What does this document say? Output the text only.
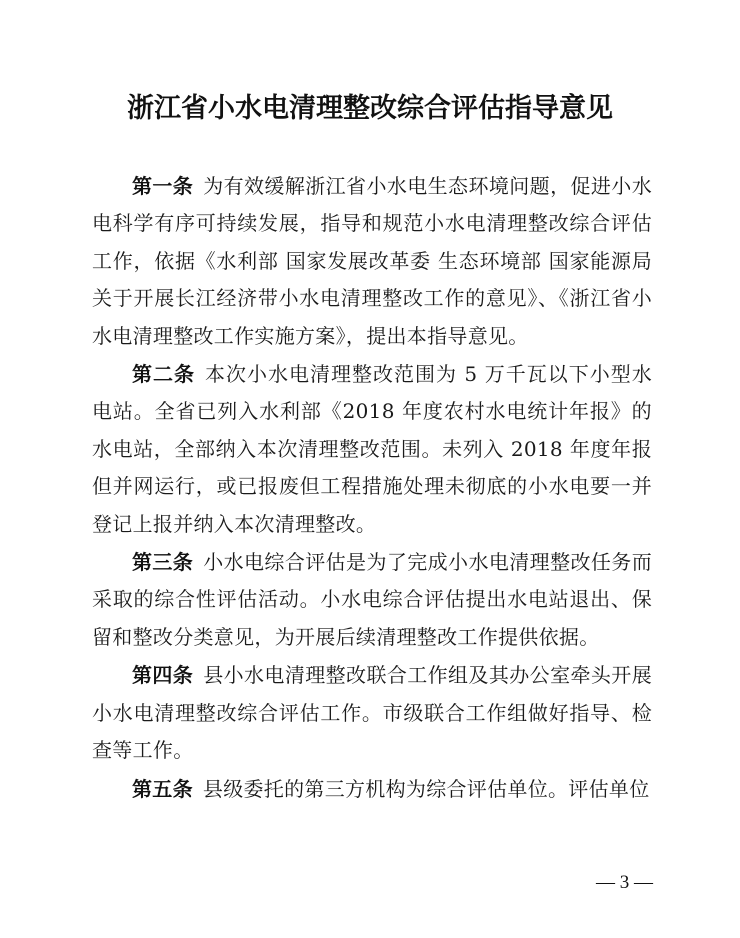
浙江省小水电清理整改综合评估指导意见

第一条 为有效缓解浙江省小水电生态环境问题，促进小水电科学有序可持续发展，指导和规范小水电清理整改综合评估工作，依据《水利部 国家发展改革委 生态环境部 国家能源局关于开展长江经济带小水电清理整改工作的意见》、《浙江省小水电清理整改工作实施方案》，提出本指导意见。

第二条 本次小水电清理整改范围为 5 万千瓦以下小型水电站。全省已列入水利部《2018 年度农村水电统计年报》的水电站，全部纳入本次清理整改范围。未列入 2018 年度年报但并网运行，或已报废但工程措施处理未彻底的小水电要一并登记上报并纳入本次清理整改。

第三条 小水电综合评估是为了完成小水电清理整改任务而采取的综合性评估活动。小水电综合评估提出水电站退出、保留和整改分类意见，为开展后续清理整改工作提供依据。

第四条 县小水电清理整改联合工作组及其办公室牵头开展小水电清理整改综合评估工作。市级联合工作组做好指导、检查等工作。

第五条 县级委托的第三方机构为综合评估单位。评估单位

— 3 —
